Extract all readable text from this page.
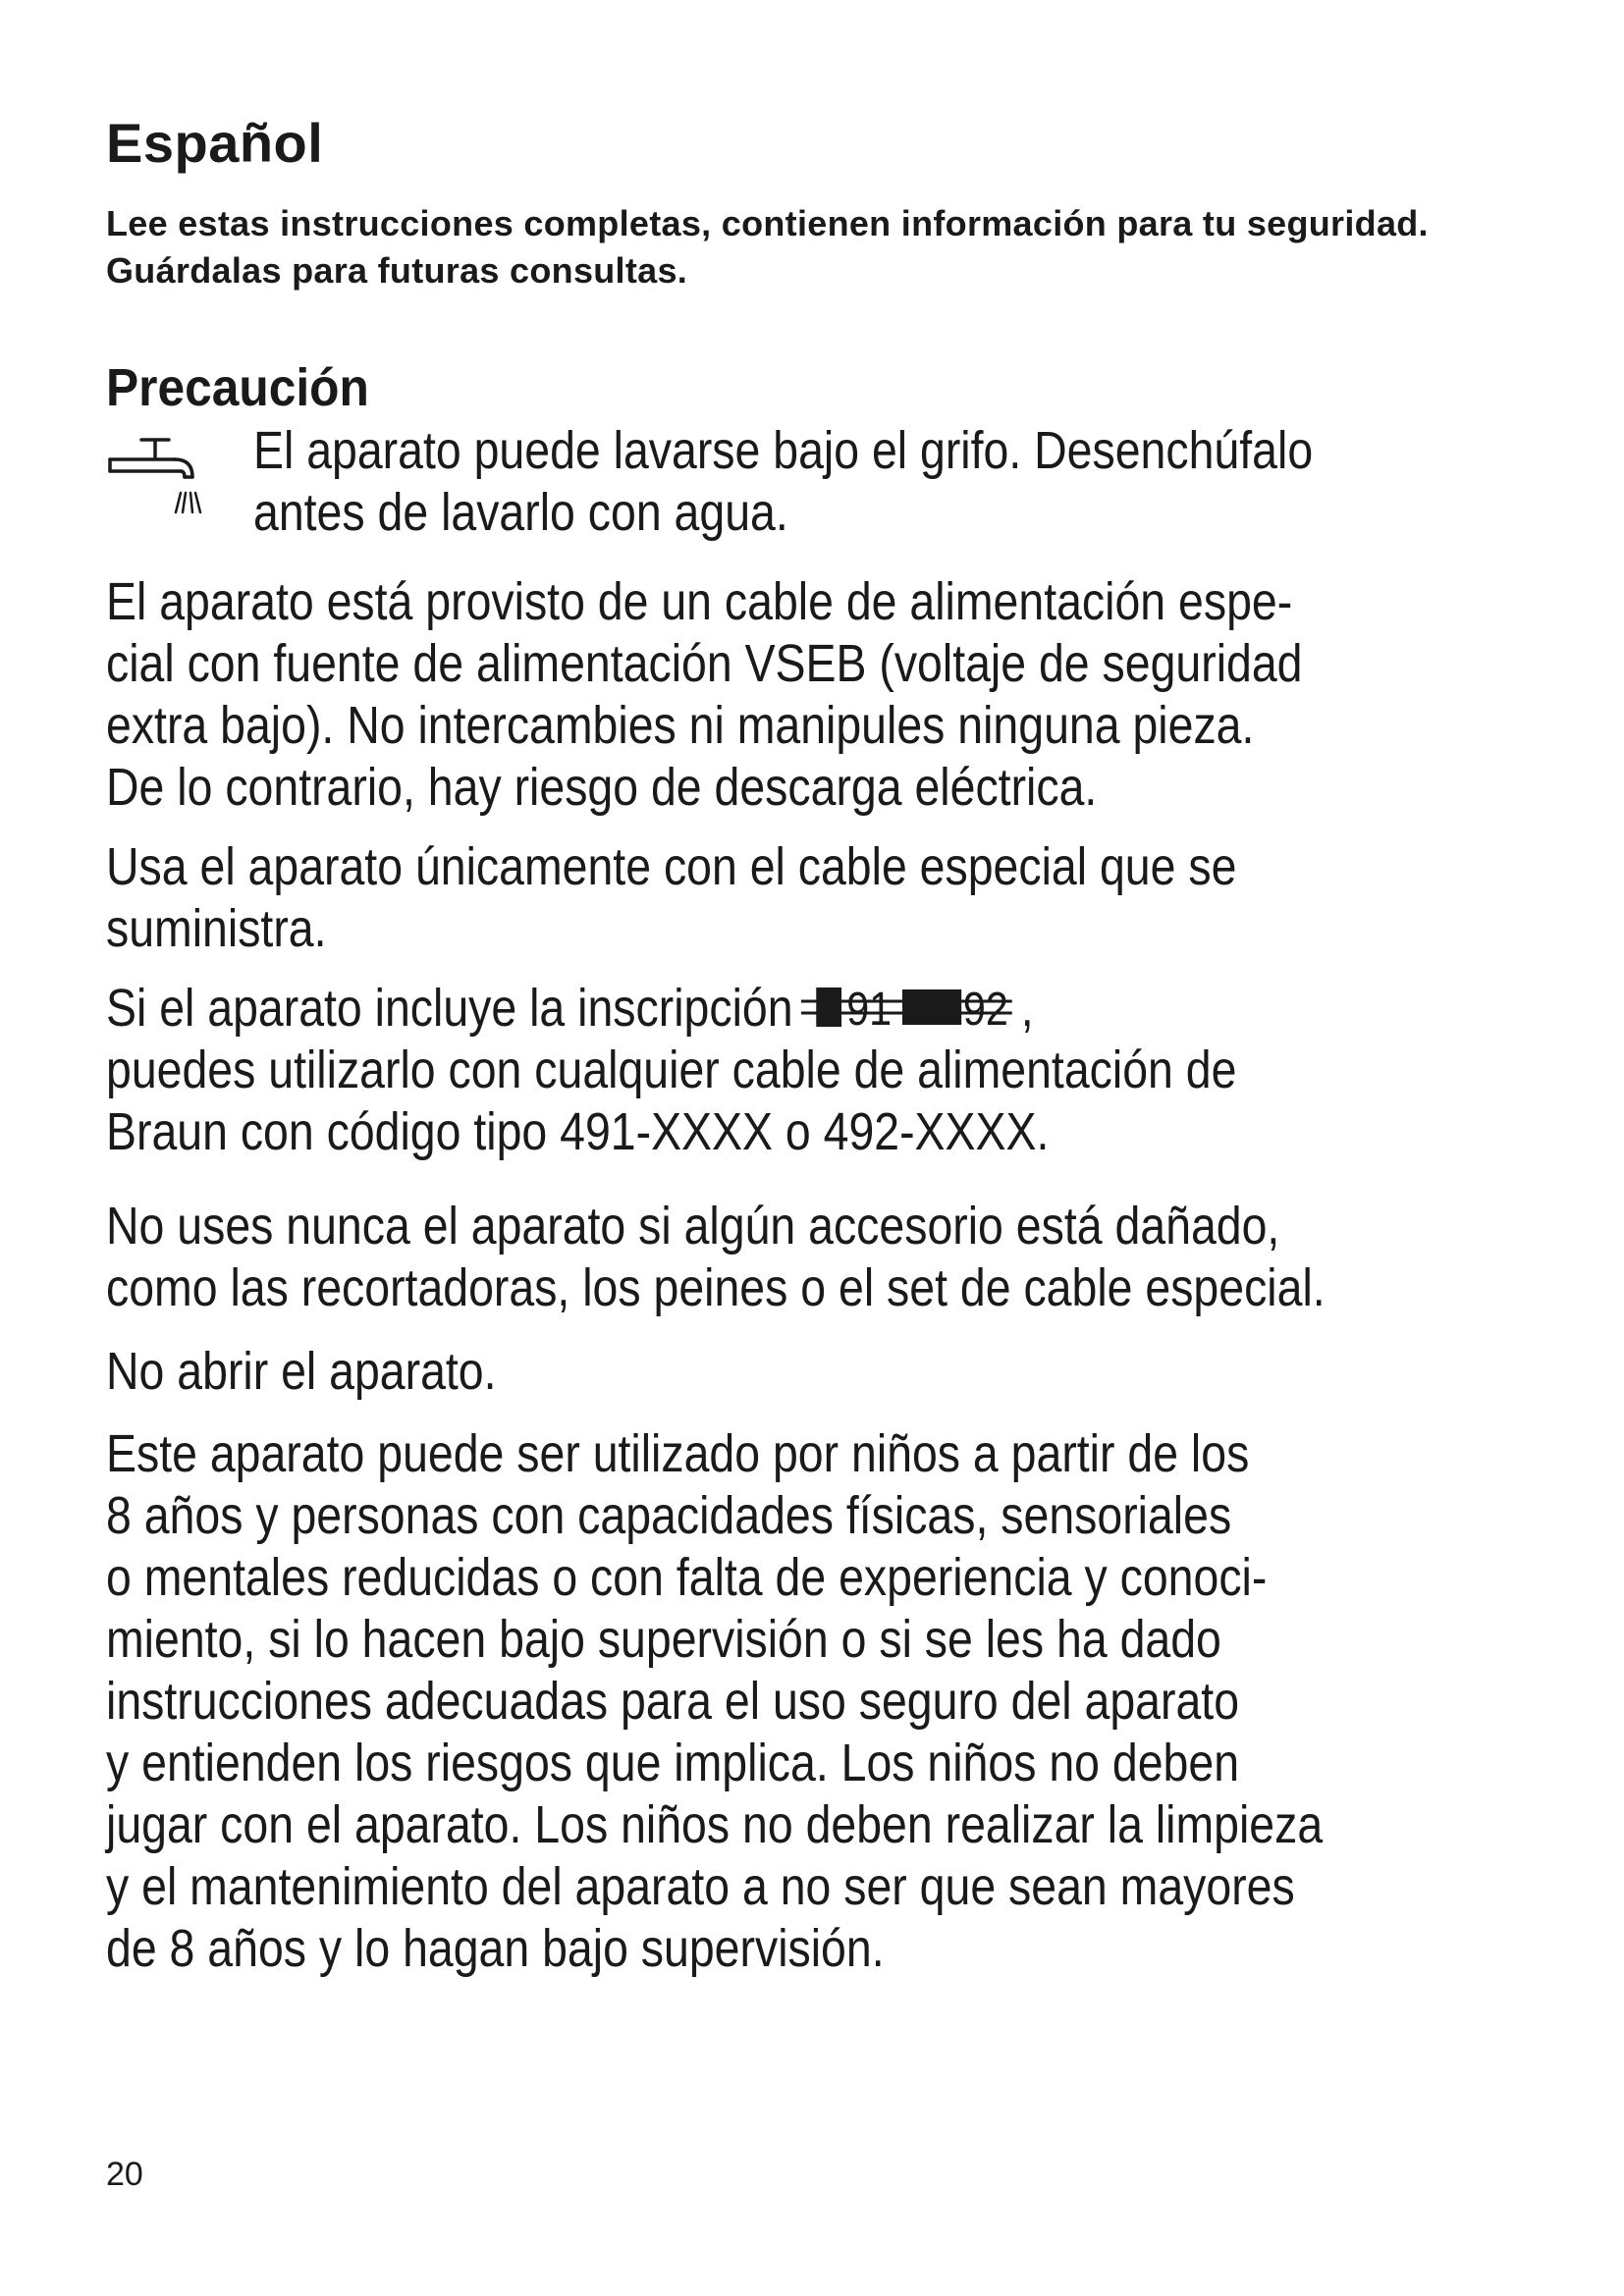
Español

Lee estas instrucciones completas, contienen información para tu seguridad. Guárdalas para futuras consultas.

Precaución

El aparato puede lavarse bajo el grifo. Desenchúfalo
antes de lavarlo con agua.

El aparato está provisto de un cable de alimentación espe-
cial con fuente de alimentación VSEB (voltaje de seguridad
extra bajo). No intercambies ni manipules ninguna pieza.
De lo contrario, hay riesgo de descarga eléctrica.

Usa el aparato únicamente con el cable especial que se
suministra.

Si el aparato incluye la inscripción 91 92 ,

puedes utilizarlo con cualquier cable de alimentación de
Braun con código tipo 491-XXXX o 492-XXXX.

No uses nunca el aparato si algún accesorio está dañado,
como las recortadoras, los peines o el set de cable especial.

No abrir el aparato.

Este aparato puede ser utilizado por niños a partir de los
8 años y personas con capacidades físicas, sensoriales
o mentales reducidas o con falta de experiencia y conoci-
miento, si lo hacen bajo supervisión o si se les ha dado
instrucciones adecuadas para el uso seguro del aparato
y entienden los riesgos que implica. Los niños no deben
jugar con el aparato. Los niños no deben realizar la limpieza
y el mantenimiento del aparato a no ser que sean mayores
de 8 años y lo hagan bajo supervisión.

20
